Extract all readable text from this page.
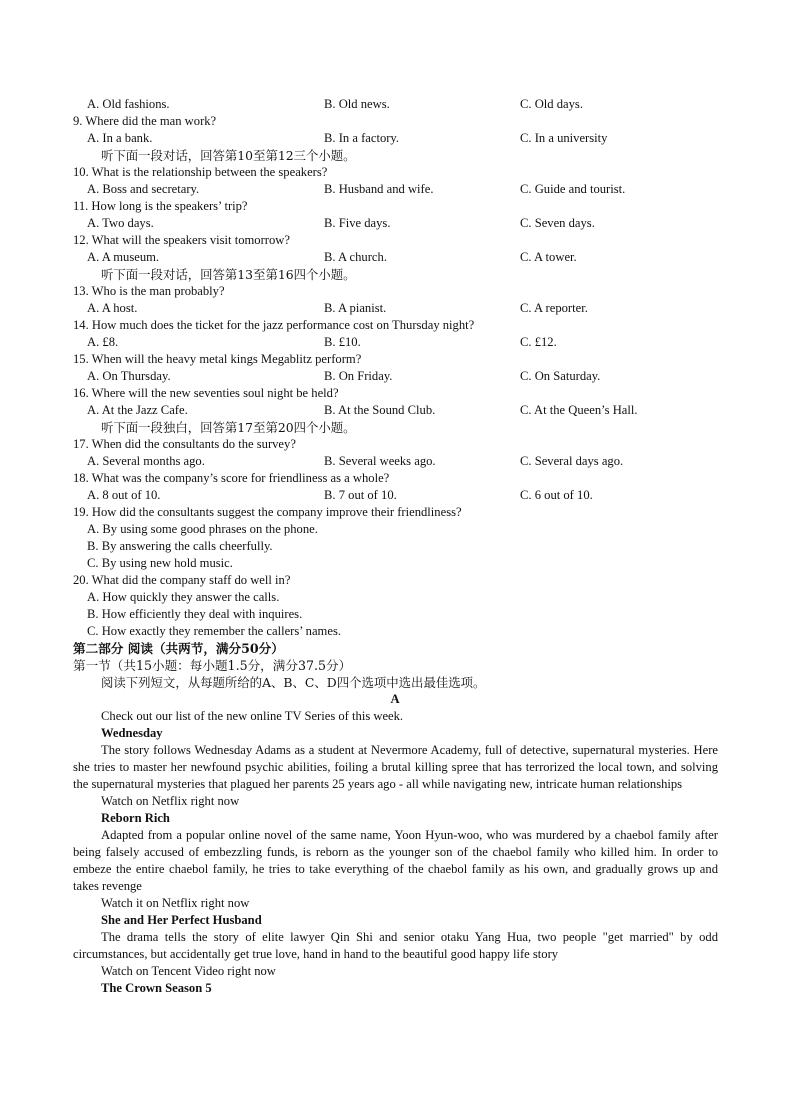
A. Old fashions.	B. Old news.	C. Old days.
9. Where did the man work?
A. In a bank.	B. In a factory.	C. In a university
听下面一段对话，回答第10至第12三个小题。
10. What is the relationship between the speakers?
A. Boss and secretary.	B. Husband and wife.	C. Guide and tourist.
11. How long is the speakers’ trip?
A. Two days.	B. Five days.	C. Seven days.
12. What will the speakers visit tomorrow?
A. A museum.	B. A church.	C. A tower.
听下面一段对话，回答第13至第16四个小题。
13. Who is the man probably?
A. A host.	B. A pianist.	C. A reporter.
14. How much does the ticket for the jazz performance cost on Thursday night?
A. £8.	B. £10.	C. £12.
15. When will the heavy metal kings Megablitz perform?
A. On Thursday.	B. On Friday.	C. On Saturday.
16. Where will the new seventies soul night be held?
A. At the Jazz Cafe.	B. At the Sound Club.	C. At the Queen’s Hall.
听下面一段独白，回答第17至第20四个小题。
17. When did the consultants do the survey?
A. Several months ago.	B. Several weeks ago.	C. Several days ago.
18. What was the company’s score for friendliness as a whole?
A. 8 out of 10.	B. 7 out of 10.	C. 6 out of 10.
19. How did the consultants suggest the company improve their friendliness?
A. By using some good phrases on the phone.
B. By answering the calls cheerfully.
C. By using new hold music.
20. What did the company staff do well in?
A. How quickly they answer the calls.
B. How efficiently they deal with inquires.
C. How exactly they remember the callers’ names.
第二部分 阅读（共两节，满分50分）
第一节（共15小题：每小题1.5分，满分37.5分）
阅读下列短文，从每题所给的A、B、C、D四个选项中选出最佳选项。
A
Check out our list of the new online TV Series of this week.
Wednesday
The story follows Wednesday Adams as a student at Nevermore Academy, full of detective, supernatural mysteries. Here she tries to master her newfound psychic abilities, foiling a brutal killing spree that has terrorized the local town, and solving the supernatural mysteries that plagued her parents 25 years ago - all while navigating new, intricate human relationships
Watch on Netflix right now
Reborn Rich
Adapted from a popular online novel of the same name, Yoon Hyun-woo, who was murdered by a chaebol family after being falsely accused of embezzling funds, is reborn as the younger son of the chaebol family who killed him. In order to embeze the entire chaebol family, he tries to take everything of the chaebol family as his own, and gradually grows up and takes revenge
Watch it on Netflix right now
She and Her Perfect Husband
The drama tells the story of elite lawyer Qin Shi and senior otaku Yang Hua, two people "get married" by odd circumstances, but accidentally get true love, hand in hand to the beautiful good happy life story
Watch on Tencent Video right now
The Crown Season 5
